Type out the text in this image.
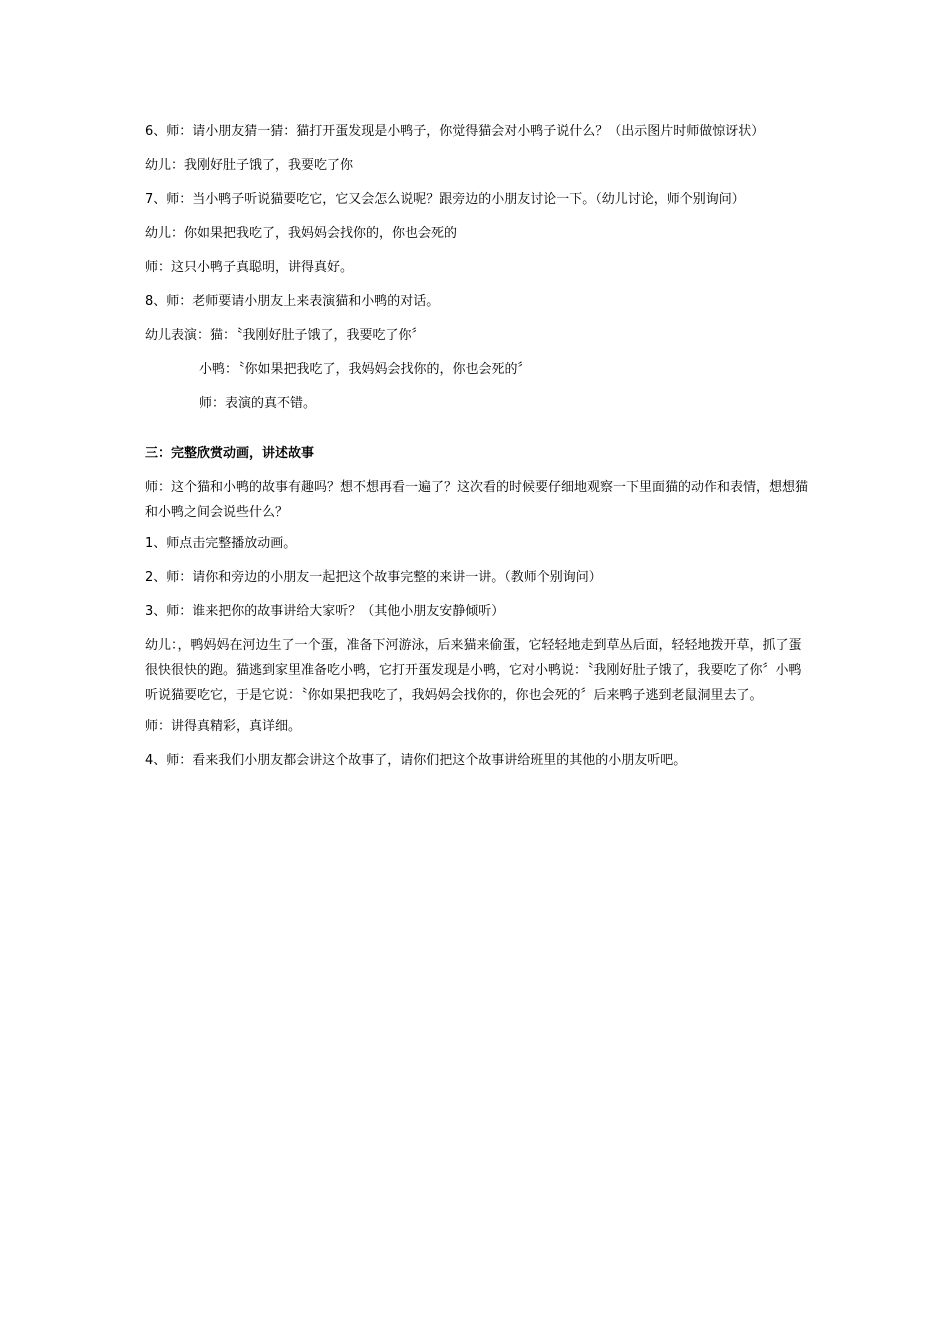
6、师：请小朋友猜一猜：猫打开蛋发现是小鸭子，你觉得猫会对小鸭子说什么？（出示图片时师做惊讶状）

幼儿：我刚好肚子饿了，我要吃了你

7、师：当小鸭子听说猫要吃它，它又会怎么说呢？跟旁边的小朋友讨论一下。（幼儿讨论，师个别询问）

幼儿：你如果把我吃了，我妈妈会找你的，你也会死的

师：这只小鸭子真聪明，讲得真好。

8、师：老师要请小朋友上来表演猫和小鸭的对话。

幼儿表演：猫：〝我刚好肚子饿了，我要吃了你〞

小鸭：〝你如果把我吃了，我妈妈会找你的，你也会死的〞

师：表演的真不错。

三：完整欣赏动画，讲述故事

师：这个猫和小鸭的故事有趣吗？想不想再看一遍了？这次看的时候要仔细地观察一下里面猫的动作和表情，想想猫和小鸭之间会说些什么？

1、师点击完整播放动画。

2、师：请你和旁边的小朋友一起把这个故事完整的来讲一讲。（教师个别询问）

3、师：谁来把你的故事讲给大家听？（其他小朋友安静倾听）

幼儿：，鸭妈妈在河边生了一个蛋，准备下河游泳，后来猫来偷蛋，它轻轻地走到草丛后面，轻轻地拨开草，抓了蛋很快很快的跑。猫逃到家里准备吃小鸭，它打开蛋发现是小鸭，它对小鸭说：〝我刚好肚子饿了，我要吃了你〞小鸭听说猫要吃它，于是它说：〝你如果把我吃了，我妈妈会找你的，你也会死的〞后来鸭子逃到老鼠洞里去了。

师：讲得真精彩，真详细。

4、师：看来我们小朋友都会讲这个故事了，请你们把这个故事讲给班里的其他的小朋友听吧。
